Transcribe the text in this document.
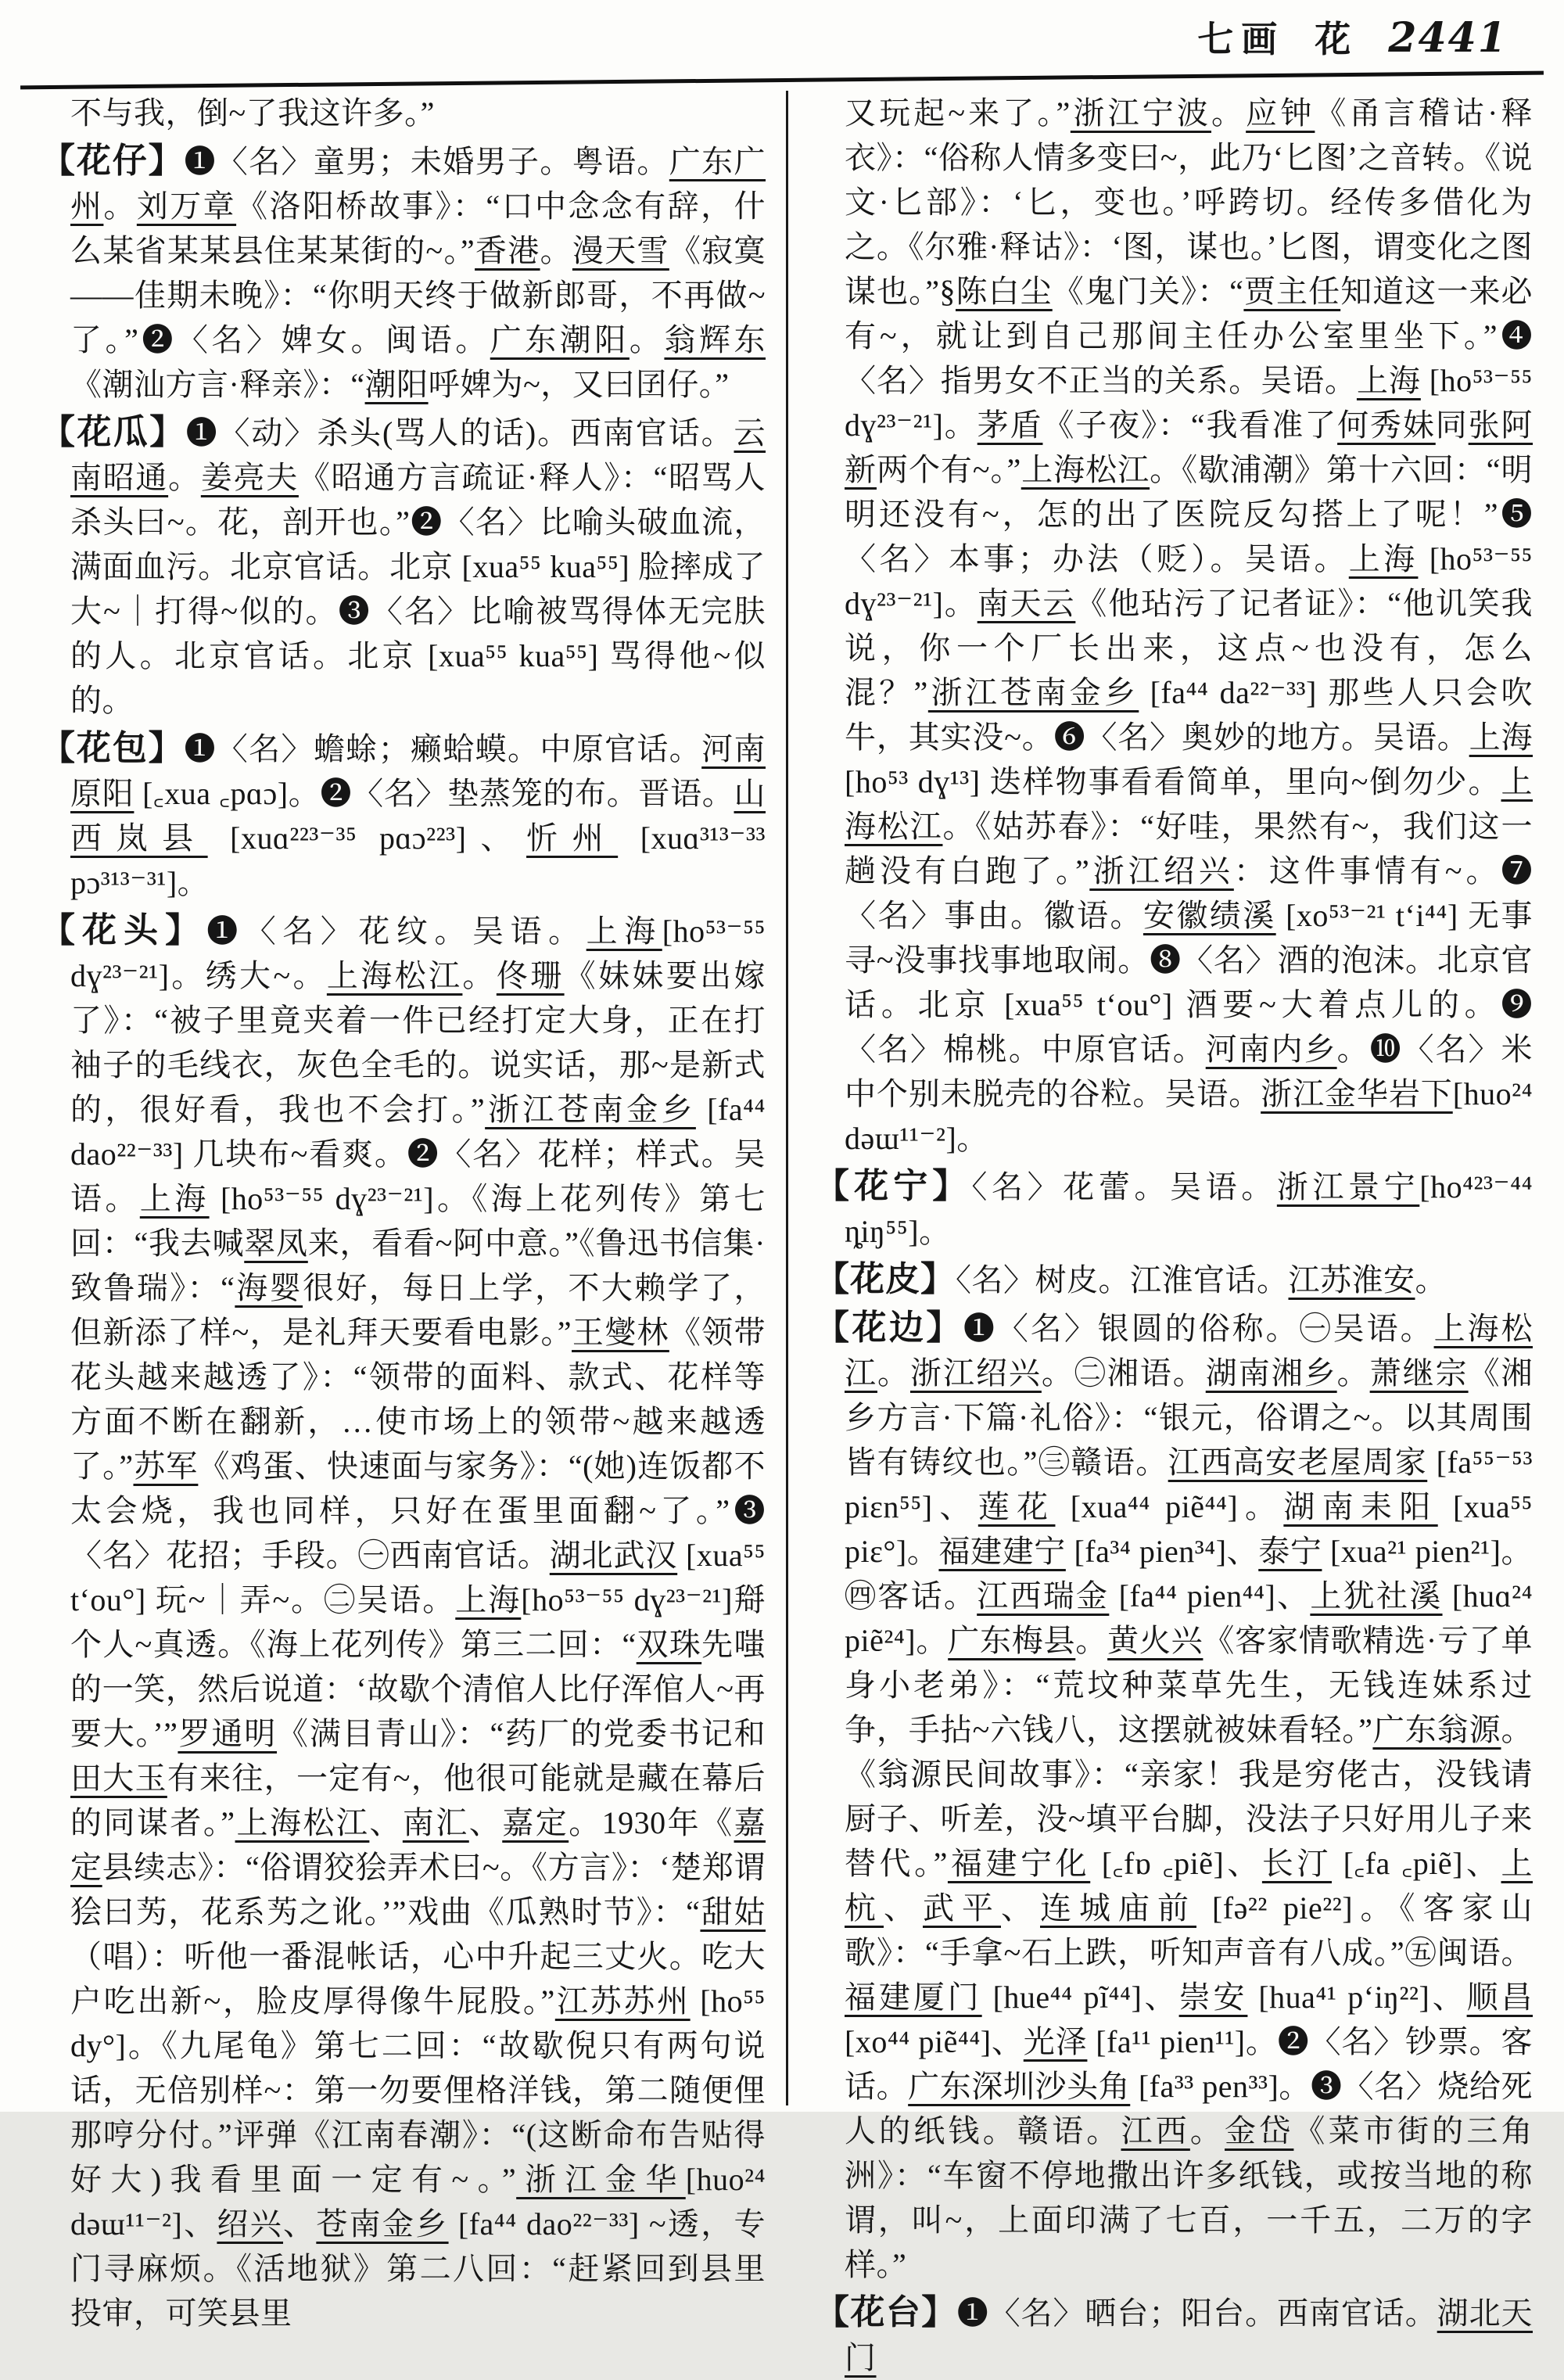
七画 花 2441

不与我，倒~了我这许多。”

【花仔】❶〈名〉童男；未婚男子。粤语。广东广州。刘万章《洛阳桥故事》：“口中念念有辞，什么某省某某县住某某街的~。”香港。漫天雪《寂寞——佳期未晚》：“你明天终于做新郎哥，不再做~了。”❷〈名〉婢女。闽语。广东潮阳。翁辉东《潮汕方言·释亲》：“潮阳呼婢为~，又曰囝仔。”

【花瓜】❶〈动〉杀头(骂人的话)。西南官话。云南昭通。姜亮夫《昭通方言疏证·释人》：“昭骂人杀头曰~。花，剖开也。”❷〈名〉比喻头破血流，满面血污。北京官话。北京 [xua⁵⁵ kua⁵⁵] 脸摔成了大~｜打得~似的。❸〈名〉比喻被骂得体无完肤的人。北京官话。北京 [xua⁵⁵ kua⁵⁵] 骂得他~似的。

【花包】❶〈名〉蟾蜍；癞蛤蟆。中原官话。河南原阳 [꜀xua ꜀pɑɔ]。❷〈名〉垫蒸笼的布。晋语。山西岚县 [xuɑ²²³⁻³⁵ pɑɔ²²³]、忻州 [xuɑ³¹³⁻³³ pɔ³¹³⁻³¹]。

【花头】❶〈名〉花纹。吴语。上海[ho⁵³⁻⁵⁵ dɣ²³⁻²¹]。绣大~。上海松江。佟珊《妹妹要出嫁了》：“被子里竟夹着一件已经打定大身，正在打袖子的毛线衣，灰色全毛的。说实话，那~是新式的，很好看，我也不会打。”浙江苍南金乡 [fa⁴⁴ dao²²⁻³³] 几块布~看爽。❷〈名〉花样；样式。吴语。上海 [ho⁵³⁻⁵⁵ dɣ²³⁻²¹]。《海上花列传》第七回：“我去喊翠凤来，看看~阿中意。”《鲁迅书信集·致鲁瑞》：“海婴很好，每日上学，不大赖学了，但新添了样~，是礼拜天要看电影。”王燮林《领带花头越来越透了》：“领带的面料、款式、花样等方面不断在翻新，…使市场上的领带~越来越透了。”苏军《鸡蛋、快速面与家务》：“(她)连饭都不太会烧，我也同样，只好在蛋里面翻~了。”❸〈名〉花招；手段。㊀西南官话。湖北武汉 [xua⁵⁵ t‘ou°] 玩~｜弄~。㊁吴语。上海[ho⁵³⁻⁵⁵ dɣ²³⁻²¹]搿个人~真透。《海上花列传》第三二回：“双珠先嗤的一笑，然后说道：‘故歇个清倌人比仔浑倌人~再要大。’”罗通明《满目青山》：“药厂的党委书记和田大玉有来往，一定有~，他很可能就是藏在幕后的同谋者。”上海松江、南汇、嘉定。1930年《嘉定县续志》：“俗谓狡狯弄术曰~。《方言》：‘楚郑谓狯曰𫇭，花系𫇭之讹。’”戏曲《瓜熟时节》：“甜姑（唱）：听他一番混帐话，心中升起三丈火。吃大户吃出新~，脸皮厚得像牛屁股。”江苏苏州 [ho⁵⁵ dy°]。《九尾龟》第七二回：“故歇倪只有两句说话，无倍别样~：第一勿要俚格洋钱，第二随便俚那哼分付。”评弹《江南春潮》：“(这断命布告贴得好大)我看里面一定有~。”浙江金华[huo²⁴ dəɯ¹¹⁻²]、绍兴、苍南金乡 [fa⁴⁴ dao²²⁻³³] ~透，专门寻麻烦。《活地狱》第二八回：“赶紧回到县里投审，可笑县里

又玩起~来了。”浙江宁波。应钟《甬言稽诂·释衣》：“俗称人情多变曰~，此乃‘匕图’之音转。《说文·匕部》：‘匕，变也。’呼跨切。经传多借化为之。《尔雅·释诂》：‘图，谋也。’匕图，谓变化之图谋也。”§陈白尘《鬼门关》：“贾主任知道这一来必有~，就让到自己那间主任办公室里坐下。”❹〈名〉指男女不正当的关系。吴语。上海 [ho⁵³⁻⁵⁵ dɣ²³⁻²¹]。茅盾《子夜》：“我看准了何秀妹同张阿新两个有~。”上海松江。《歇浦潮》第十六回：“明明还没有~，怎的出了医院反勾搭上了呢！”❺〈名〉本事；办法（贬）。吴语。上海 [ho⁵³⁻⁵⁵ dɣ²³⁻²¹]。南天云《他玷污了记者证》：“他讥笑我说，你一个厂长出来，这点~也没有，怎么混？”浙江苍南金乡 [fa⁴⁴ da²²⁻³³] 那些人只会吹牛，其实没~。❻〈名〉奥妙的地方。吴语。上海 [ho⁵³ dɣ¹³] 迭样物事看看简单，里向~倒勿少。上海松江。《姑苏春》：“好哇，果然有~，我们这一趟没有白跑了。”浙江绍兴：这件事情有~。❼〈名〉事由。徽语。安徽绩溪 [xo⁵³⁻²¹ t‘i⁴⁴] 无事寻~没事找事地取闹。❽〈名〉酒的泡沫。北京官话。北京 [xua⁵⁵ t‘ou°] 酒要~大着点儿的。❾〈名〉棉桃。中原官话。河南内乡。❿〈名〉米中个别未脱壳的谷粒。吴语。浙江金华岩下[huo²⁴ dəɯ¹¹⁻²]。

【花宁】〈名〉花蕾。吴语。浙江景宁[ho⁴²³⁻⁴⁴ ȵiŋ⁵⁵]。

【花皮】〈名〉树皮。江淮官话。江苏淮安。

【花边】❶〈名〉银圆的俗称。㊀吴语。上海松江。浙江绍兴。㊁湘语。湖南湘乡。萧继宗《湘乡方言·下篇·礼俗》：“银元，俗谓之~。以其周围皆有铸纹也。”㊂赣语。江西高安老屋周家 [fa⁵⁵⁻⁵³ piɛn⁵⁵]、莲花 [xua⁴⁴ piẽ⁴⁴]。湖南耒阳 [xua⁵⁵ piɛ°]。福建建宁 [fa³⁴ pien³⁴]、泰宁 [xua²¹ pien²¹]。㊃客话。江西瑞金 [fa⁴⁴ pien⁴⁴]、上犹社溪 [huɑ²⁴ piẽ²⁴]。广东梅县。黄火兴《客家情歌精选·亏了单身小老弟》：“荒坟种菜草先生，无钱连妹系过争，手拈~六钱八，这摆就被妹看轻。”广东翁源。《翁源民间故事》：“亲家！我是穷佬古，没钱请厨子、听差，没~填平台脚，没法子只好用儿子来替代。”福建宁化 [꜀fɒ ꜀piẽ]、长汀 [꜀fa ꜀piẽ]、上杭、武平、连城庙前 [fə²² pie²²]。《客家山歌》：“手拿~石上跌，听知声音有八成。”㊄闽语。福建厦门 [hue⁴⁴ pĩ⁴⁴]、崇安 [hua⁴¹ p‘iŋ²²]、顺昌 [xo⁴⁴ piẽ⁴⁴]、光泽 [fa¹¹ pien¹¹]。❷〈名〉钞票。客话。广东深圳沙头角 [fa³³ pen³³]。❸〈名〉烧给死人的纸钱。赣语。江西。金岱《菜市街的三角洲》：“车窗不停地撒出许多纸钱，或按当地的称谓，叫~，上面印满了七百，一千五，二万的字样。”

【花台】❶〈名〉晒台；阳台。西南官话。湖北天门
